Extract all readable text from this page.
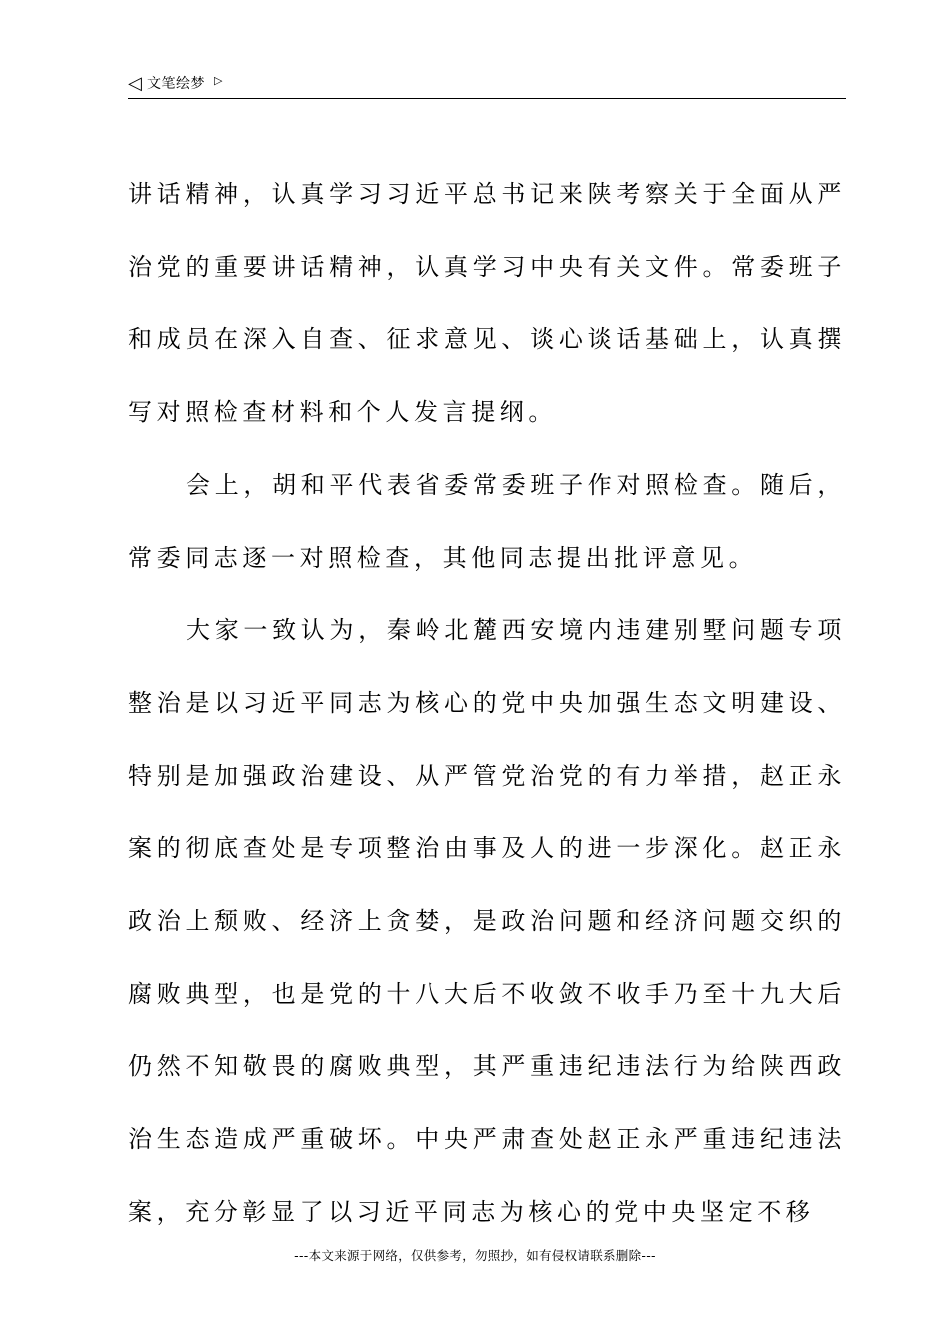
◁ 文笔绘梦 ▷

讲话精神，认真学习习近平总书记来陕考察关于全面从严治党的重要讲话精神，认真学习中央有关文件。常委班子和成员在深入自查、征求意见、谈心谈话基础上，认真撰写对照检查材料和个人发言提纲。

会上，胡和平代表省委常委班子作对照检查。随后，常委同志逐一对照检查，其他同志提出批评意见。

大家一致认为，秦岭北麓西安境内违建别墅问题专项整治是以习近平同志为核心的党中央加强生态文明建设、特别是加强政治建设、从严管党治党的有力举措，赵正永案的彻底查处是专项整治由事及人的进一步深化。赵正永政治上颓败、经济上贪婪，是政治问题和经济问题交织的腐败典型，也是党的十八大后不收敛不收手乃至十九大后仍然不知敬畏的腐败典型，其严重违纪违法行为给陕西政治生态造成严重破坏。中央严肃查处赵正永严重违纪违法案，充分彰显了以习近平同志为核心的党中央坚定不移

---本文来源于网络，仅供参考，勿照抄，如有侵权请联系删除---
